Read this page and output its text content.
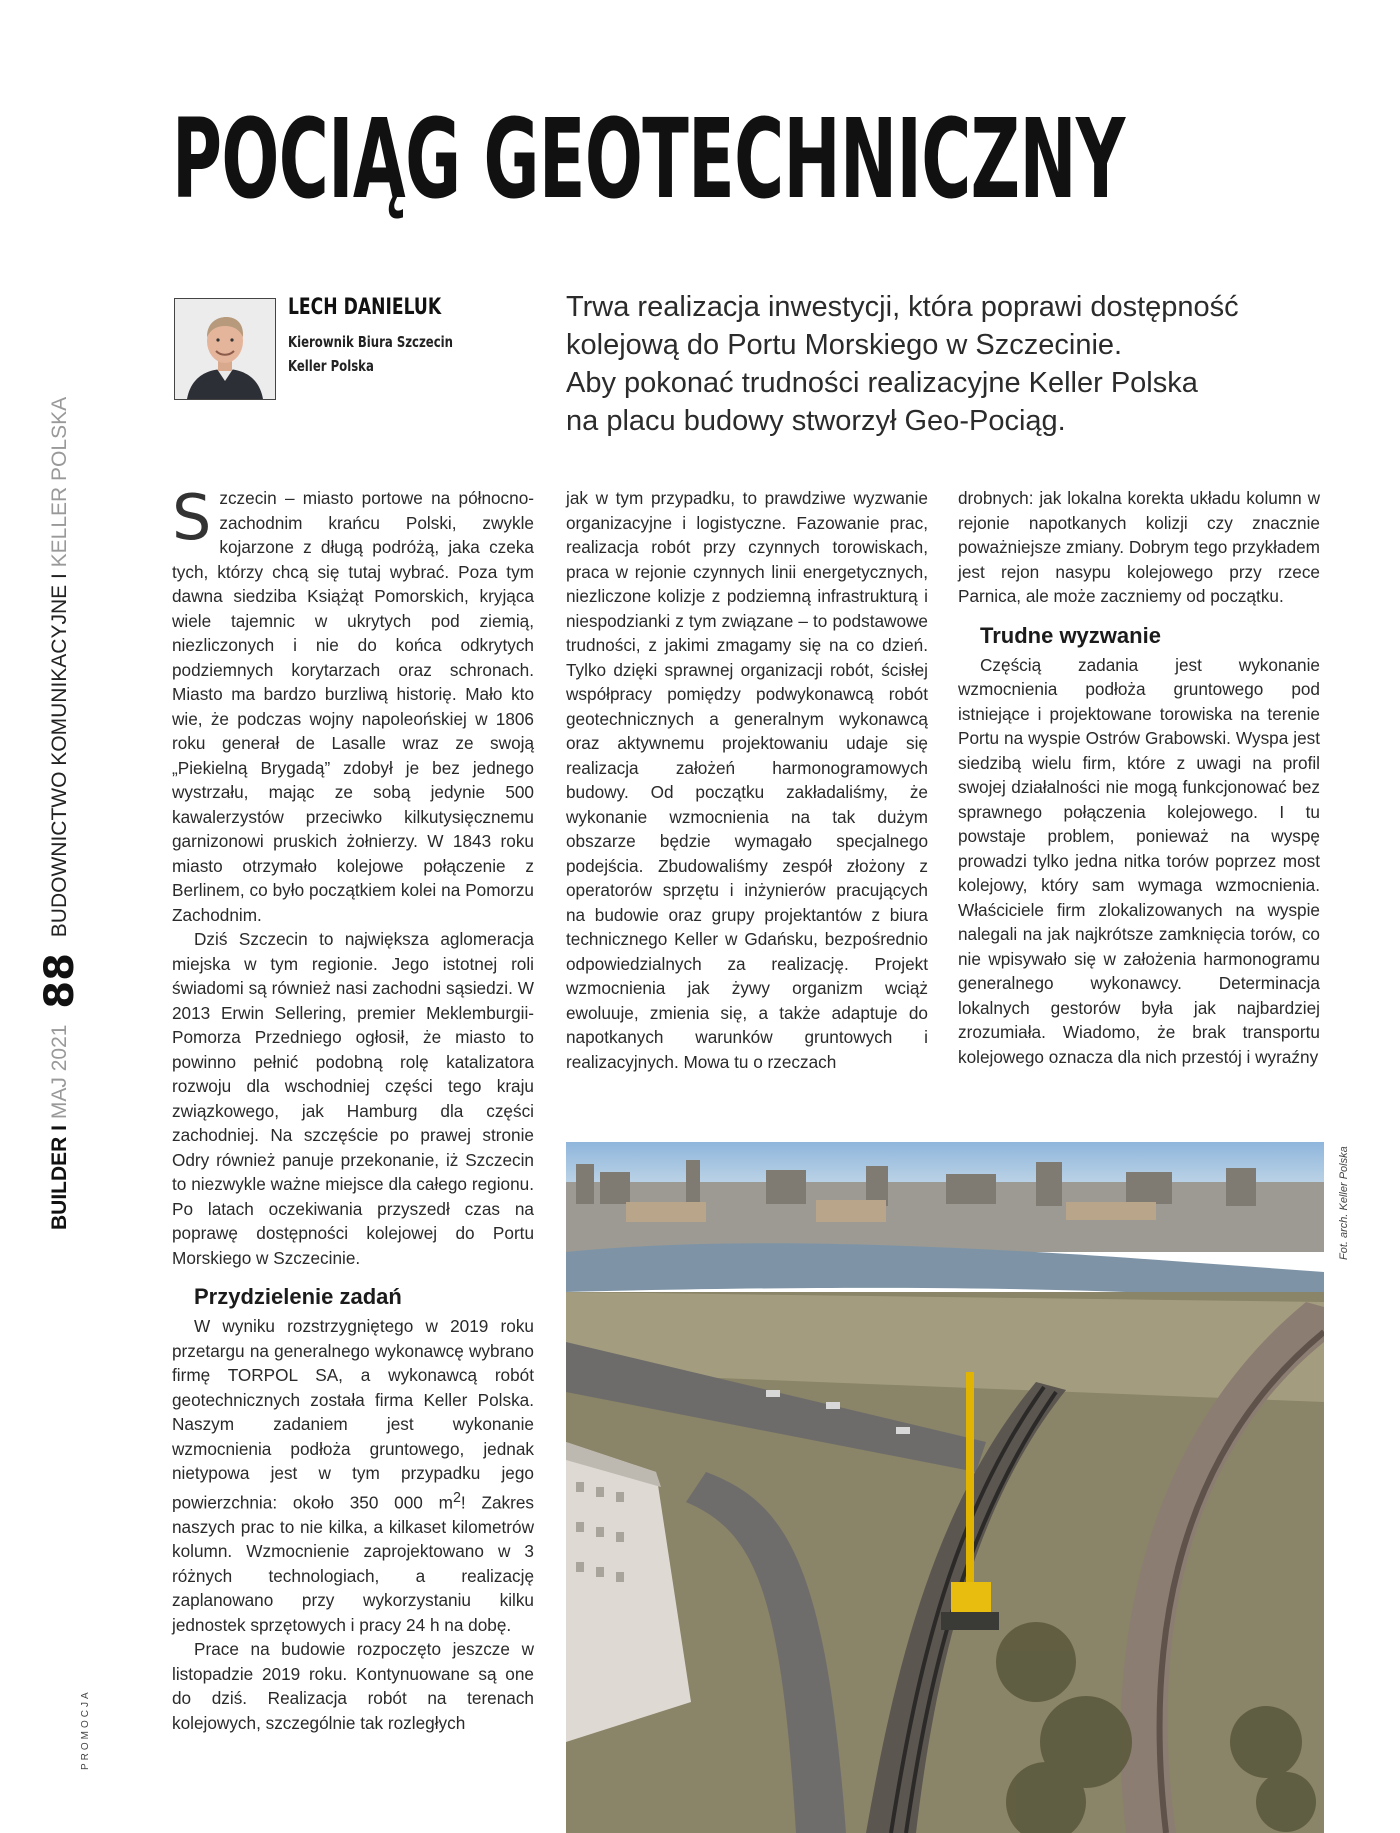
POCIĄG GEOTECHNICZNY
LECH DANIELUK
Kierownik Biura Szczecin
Keller Polska

Trwa realizacja inwestycji, która poprawi dostępność
kolejową do Portu Morskiego w Szczecinie.
Aby pokonać trudności realizacyjne Keller Polska
na placu budowy stworzył Geo-Pociąg.

BUILDER I MAJ 2021 88 BUDOWNICTWO KOMUNIKACYJNE I KELLER POLSKA
PROMOCJA

Szczecin – miasto portowe na północno-zachodnim krańcu Polski, zwykle kojarzone z długą podróżą, jaka czeka tych, którzy chcą się tutaj wybrać. Poza tym dawna siedziba Książąt Pomorskich, kryjąca wiele tajemnic w ukrytych pod ziemią, niezliczonych i nie do końca odkrytych podziemnych korytarzach oraz schronach. Miasto ma bardzo burzliwą historię. Mało kto wie, że podczas wojny napoleońskiej w 1806 roku generał de Lasalle wraz ze swoją „Piekielną Brygadą” zdobył je bez jednego wystrzału, mając ze sobą jedynie 500 kawalerzystów przeciwko kilkutysięcznemu garnizonowi pruskich żołnierzy. W 1843 roku miasto otrzymało kolejowe połączenie z Berlinem, co było początkiem kolei na Pomorzu Zachodnim.

Dziś Szczecin to największa aglomeracja miejska w tym regionie. Jego istotnej roli świadomi są również nasi zachodni sąsiedzi. W 2013 Erwin Sellering, premier Meklemburgii-Pomorza Przedniego ogłosił, że miasto to powinno pełnić podobną rolę katalizatora rozwoju dla wschodniej części tego kraju związkowego, jak Hamburg dla części zachodniej. Na szczęście po prawej stronie Odry również panuje przekonanie, iż Szczecin to niezwykle ważne miejsce dla całego regionu. Po latach oczekiwania przyszedł czas na poprawę dostępności kolejowej do Portu Morskiego w Szczecinie.

Przydzielenie zadań

W wyniku rozstrzygniętego w 2019 roku przetargu na generalnego wykonawcę wybrano firmę TORPOL SA, a wykonawcą robót geotechnicznych została firma Keller Polska. Naszym zadaniem jest wykonanie wzmocnienia podłoża gruntowego, jednak nietypowa jest w tym przypadku jego powierzchnia: około 350 000 $m^2$! Zakres naszych prac to nie kilka, a kilkaset kilometrów kolumn. Wzmocnienie zaprojektowano w 3 różnych technologiach, a realizację zaplanowano przy wykorzystaniu kilku jednostek sprzętowych i pracy 24 h na dobę.

Prace na budowie rozpoczęto jeszcze w listopadzie 2019 roku. Kontynuowane są one do dziś. Realizacja robót na terenach kolejowych, szczególnie tak rozległych

jak w tym przypadku, to prawdziwe wyzwanie organizacyjne i logistyczne. Fazowanie prac, realizacja robót przy czynnych torowiskach, praca w rejonie czynnych linii energetycznych, niezliczone kolizje z podziemną infrastrukturą i niespodzianki z tym związane – to podstawowe trudności, z jakimi zmagamy się na co dzień. Tylko dzięki sprawnej organizacji robót, ścisłej współpracy pomiędzy podwykonawcą robót geotechnicznych a generalnym wykonawcą oraz aktywnemu projektowaniu udaje się realizacja założeń harmonogramowych budowy. Od początku zakładaliśmy, że wykonanie wzmocnienia na tak dużym obszarze będzie wymagało specjalnego podejścia. Zbudowaliśmy zespół złożony z operatorów sprzętu i inżynierów pracujących na budowie oraz grupy projektantów z biura technicznego Keller w Gdańsku, bezpośrednio odpowiedzialnych za realizację. Projekt wzmocnienia jak żywy organizm wciąż ewoluuje, zmienia się, a także adaptuje do napotkanych warunków gruntowych i realizacyjnych. Mowa tu o rzeczach

drobnych: jak lokalna korekta układu kolumn w rejonie napotkanych kolizji czy znacznie poważniejsze zmiany. Dobrym tego przykładem jest rejon nasypu kolejowego przy rzece Parnica, ale może zaczniemy od początku.

Trudne wyzwanie

Częścią zadania jest wykonanie wzmocnienia podłoża gruntowego pod istniejące i projektowane torowiska na terenie Portu na wyspie Ostrów Grabowski. Wyspa jest siedzibą wielu firm, które z uwagi na profil swojej działalności nie mogą funkcjonować bez sprawnego połączenia kolejowego. I tu powstaje problem, ponieważ na wyspę prowadzi tylko jedna nitka torów poprzez most kolejowy, który sam wymaga wzmocnienia. Właściciele firm zlokalizowanych na wyspie nalegali na jak najkrótsze zamknięcia torów, co nie wpisywało się w założenia harmonogramu generalnego wykonawcy. Determinacja lokalnych gestorów była jak najbardziej zrozumiała. Wiadomo, że brak transportu kolejowego oznacza dla nich przestój i wyraźny

Fot. arch. Keller Polska
